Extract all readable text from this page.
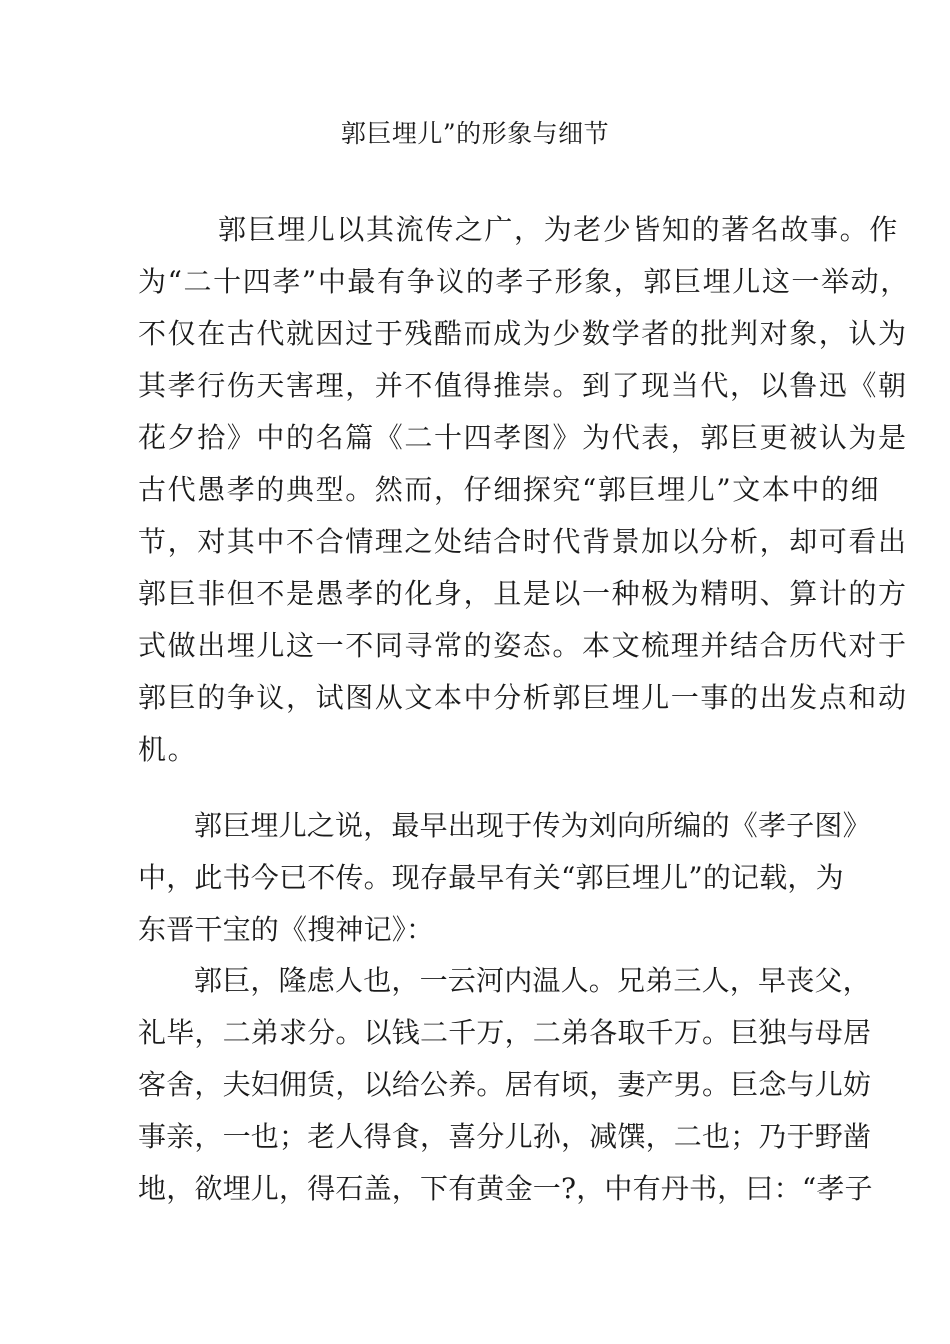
郭巨埋儿”的形象与细节
郭巨埋儿以其流传之广，为老少皆知的著名故事。作
为“二十四孝”中最有争议的孝子形象，郭巨埋儿这一举动，
不仅在古代就因过于残酷而成为少数学者的批判对象，认为
其孝行伤天害理，并不值得推崇。到了现当代，以鲁迅《朝
花夕拾》中的名篇《二十四孝图》为代表，郭巨更被认为是
古代愚孝的典型。然而，仔细探究“郭巨埋儿”文本中的细
节，对其中不合情理之处结合时代背景加以分析，却可看出
郭巨非但不是愚孝的化身，且是以一种极为精明、算计的方
式做出埋儿这一不同寻常的姿态。本文梳理并结合历代对于
郭巨的争议，试图从文本中分析郭巨埋儿一事的出发点和动
机。
郭巨埋儿之说，最早出现于传为刘向所编的《孝子图》
中，此书今已不传。现存最早有关“郭巨埋儿”的记载，为
东晋干宝的《搜神记》：
郭巨，隆虑人也，一云河内温人。兄弟三人，早丧父，
礼毕，二弟求分。以钱二千万，二弟各取千万。巨独与母居
客舍，夫妇佣赁，以给公养。居有顷，妻产男。巨念与儿妨
事亲，一也；老人得食，喜分儿孙，减馔，二也；乃于野凿
地，欲埋儿，得石盖，下有黄金一?，中有丹书，曰：“孝子
